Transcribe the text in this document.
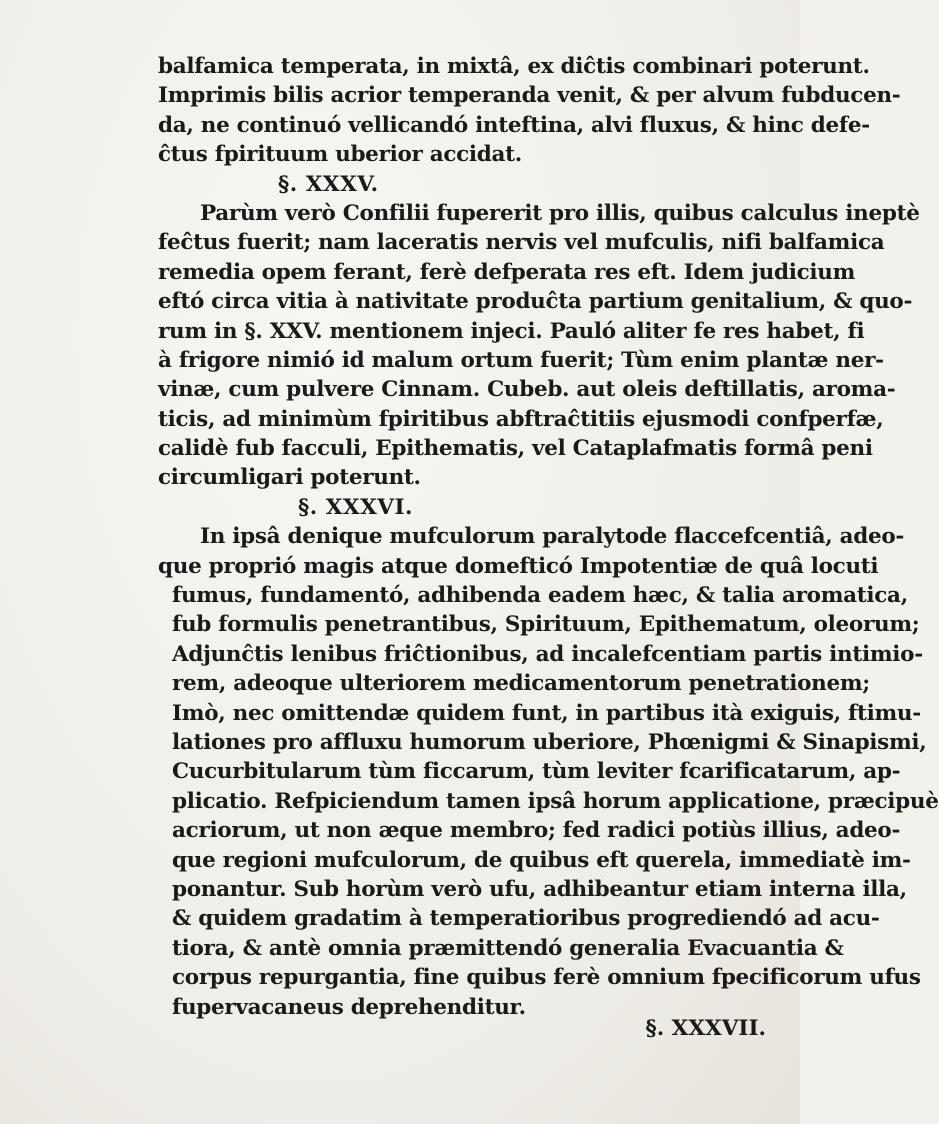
balfamica temperata, in mixtâ, ex diĉtis combinari poterunt.
Imprimis bilis acrior temperanda venit, & per alvum fubducen-
da, ne continuó vellicandó inteftina, alvi fluxus, & hinc defe-
ĉtus fpirituum uberior accidat.
§. XXXV.
Parùm verò Confilii fupererit pro illis, quibus calculus ineptè
feĉtus fuerit; nam laceratis nervis vel mufculis, nifi balfamica
remedia opem ferant, ferè defperata res eft. Idem judicium
eftó circa vitia à nativitate produĉta partium genitalium, & quo-
rum in §. XXV. mentionem injeci. Pauló aliter fe res habet, fi
à frigore nimió id malum ortum fuerit; Tùm enim plantæ ner-
vinæ, cum pulvere Cinnam. Cubeb. aut oleis deftillatis, aroma-
ticis, ad minimùm fpiritibus abftraĉtitiis ejusmodi confperfæ,
calidè fub facculi, Epithematis, vel Cataplafmatis formâ peni
circumligari poterunt.
§. XXXVI.
In ipsâ denique mufculorum paralytode flaccefcentiâ, adeo-
que proprió magis atque domefticó Impotentiæ de quâ locuti
fumus, fundamentó, adhibenda eadem hæc, & talia aromatica,
fub formulis penetrantibus, Spirituum, Epithematum, oleorum;
Adjunĉtis lenibus friĉtionibus, ad incalefcentiam partis intimio-
rem, adeoque ulteriorem medicamentorum penetrationem;
Imò, nec omittendæ quidem funt, in partibus ità exiguis, ftimu-
lationes pro affluxu humorum uberiore, Phœnigmi & Sinapismi,
Cucurbitularum tùm ficcarum, tùm leviter fcarificatarum, ap-
plicatio. Refpiciendum tamen ipsâ horum applicatione, præcipuè
acriorum, ut non æque membro; fed radici potiùs illius, adeo-
que regioni mufculorum, de quibus eft querela, immediatè im-
ponantur. Sub horùm verò ufu, adhibeantur etiam interna illa,
& quidem gradatim à temperatioribus progrediendó ad acu-
tiora, & antè omnia præmittendó generalia Evacuantia &
corpus repurgantia, fine quibus ferè omnium fpecificorum ufus
fupervacaneus deprehenditur.
§. XXXVII.
